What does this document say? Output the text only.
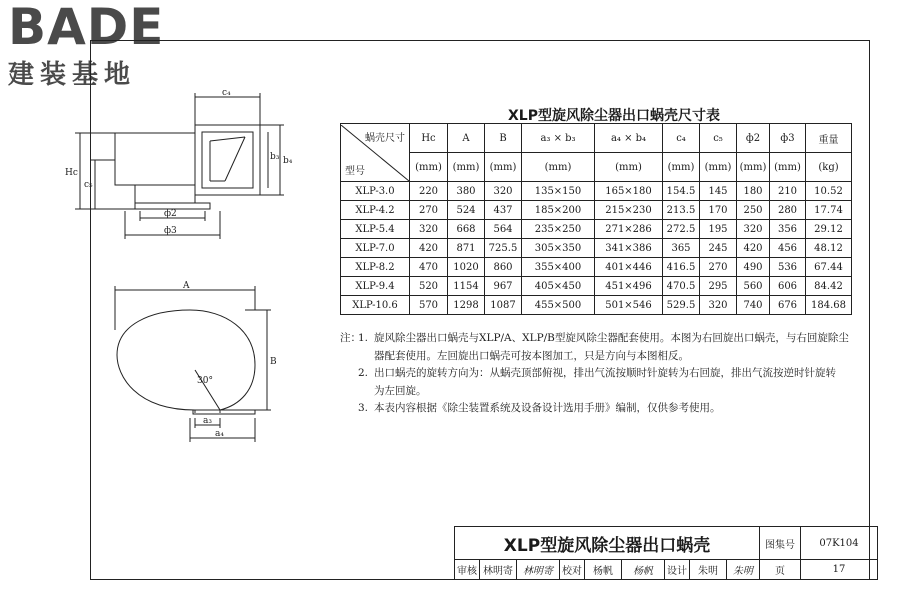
BADE
建装基地
c₄
Hc
c₅
b₃ b₄
ф2
ф3
A
B
a₃
a₄
30°
XLP型旋风除尘器出口蜗壳尺寸表
蜗壳尺寸
型号	Hc	A	B	a₃ × b₃	a₄ × b₄	c₄	c₅	ф2	ф3	重量
	(mm)	(mm)	(mm)	(mm)	(mm)	(mm)	(mm)	(mm)	(mm)	(kg)
XLP-3.0	220	380	320	135×150	165×180	154.5	145	180	210	10.52
XLP-4.2	270	524	437	185×200	215×230	213.5	170	250	280	17.74
XLP-5.4	320	668	564	235×250	271×286	272.5	195	320	356	29.12
XLP-7.0	420	871	725.5	305×350	341×386	365	245	420	456	48.12
XLP-8.2	470	1020	860	355×400	401×446	416.5	270	490	536	67.44
XLP-9.4	520	1154	967	405×450	451×496	470.5	295	560	606	84.42
XLP-10.6	570	1298	1087	455×500	501×546	529.5	320	740	676	184.68
注：
1. 旋风除尘器出口蜗壳与XLP/A、XLP/B型旋风除尘器配套使用。本图为右回旋出口蜗壳，与右回旋除尘
器配套使用。左回旋出口蜗壳可按本图加工，只是方向与本图相反。
2. 出口蜗壳的旋转方向为：从蜗壳顶部俯视，排出气流按顺时针旋转为右回旋，排出气流按逆时针旋转
为左回旋。
3. 本表内容根据《除尘装置系统及设备设计选用手册》编制，仅供参考使用。
XLP型旋风除尘器出口蜗壳									图集号	07K104
审核	林明寄	林明寄	校对	杨帆	杨帆	设计	朱明	朱明	页	17
